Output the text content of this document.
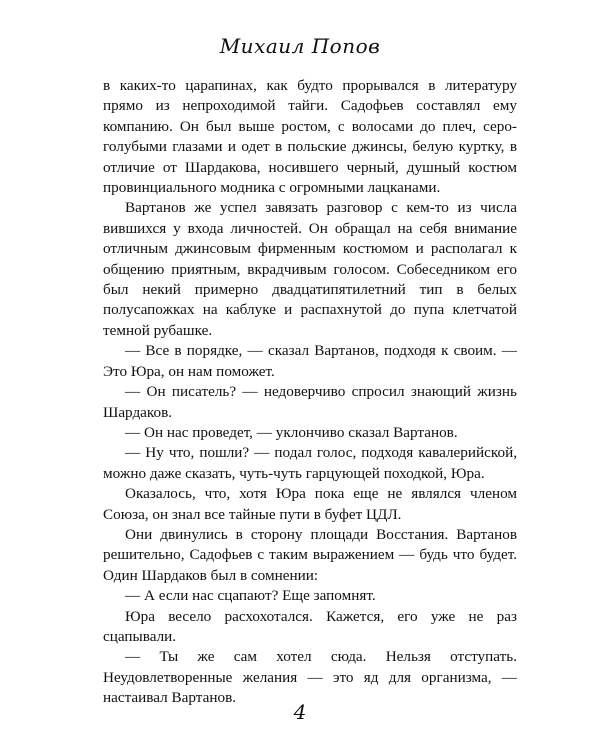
Михаил Попов

в каких-то царапинах, как будто прорывался в литературу прямо из непроходимой тайги. Садофьев составлял ему компанию. Он был выше ростом, с волосами до плеч, серо-голубыми глазами и одет в польские джинсы, белую куртку, в отличие от Шардакова, носившего черный, душный костюм провинциального модника с огромными лацканами.

Вартанов же успел завязать разговор с кем-то из числа вившихся у входа личностей. Он обращал на себя внимание отличным джинсовым фирменным костюмом и располагал к общению приятным, вкрадчивым голосом. Собеседником его был некий примерно двадцатипятилетний тип в белых полусапожках на каблуке и распахнутой до пупа клетчатой темной рубашке.

— Все в порядке, — сказал Вартанов, подходя к своим. — Это Юра, он нам поможет.

— Он писатель? — недоверчиво спросил знающий жизнь Шардаков.

— Он нас проведет, — уклончиво сказал Вартанов.

— Ну что, пошли? — подал голос, подходя кавалерийской, можно даже сказать, чуть-чуть гарцующей походкой, Юра.

Оказалось, что, хотя Юра пока еще не являлся членом Союза, он знал все тайные пути в буфет ЦДЛ.

Они двинулись в сторону площади Восстания. Вартанов решительно, Садофьев с таким выражением — будь что будет. Один Шардаков был в сомнении:

— А если нас сцапают? Еще запомнят.

Юра весело расхохотался. Кажется, его уже не раз сцапывали.

— Ты же сам хотел сюда. Нельзя отступать. Неудовлетворенные желания — это яд для организма, — настаивал Вартанов.

4
